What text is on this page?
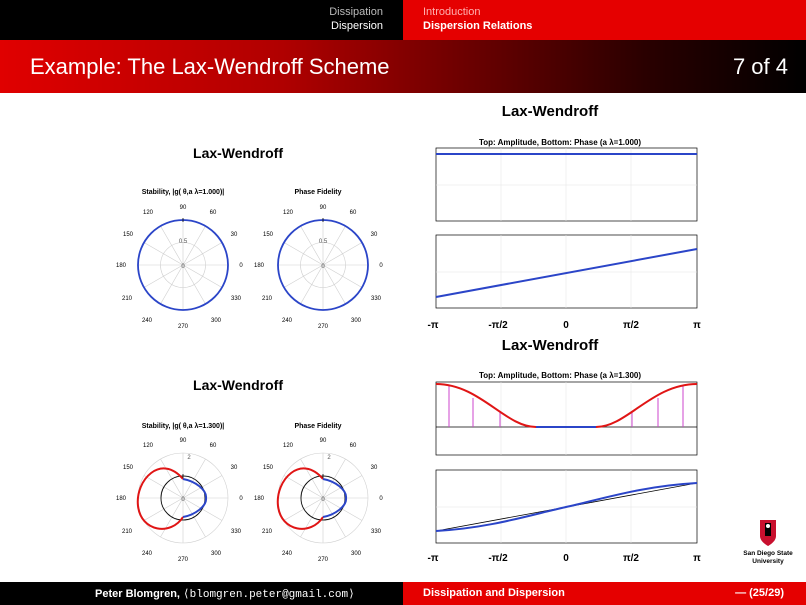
Dissipation
Dispersion
Introduction
Dispersion Relations
Example: The Lax-Wendroff Scheme	7 of 4
Lax-Wendroff
Stability, |g( θ,a λ=1.000)|	Phase Fidelity
0.5
0
90
60
30
0
330
300
270
240
210
180
150
120
0.5
0
90
60
30
0
330
300
270
240
210
180
150
120
Lax-Wendroff
Stability, |g( θ,a λ=1.300)|	Phase Fidelity
2
0
90
60
30
0
330
300
270
240
210
180
150
120
2
0
90
60
30
0
330
300
270
240
210
180
150
120
Lax-Wendroff
Top: Amplitude, Bottom: Phase (a λ=1.000)
-π	-π/2	0	π/2	π
Lax-Wendroff
Top: Amplitude, Bottom: Phase (a λ=1.300)
-π	-π/2	0	π/2	π	San Diego State
University
Peter Blomgren, ⟨blomgren.peter@gmail.com⟩	Dissipation and Dispersion	— (25/29)
